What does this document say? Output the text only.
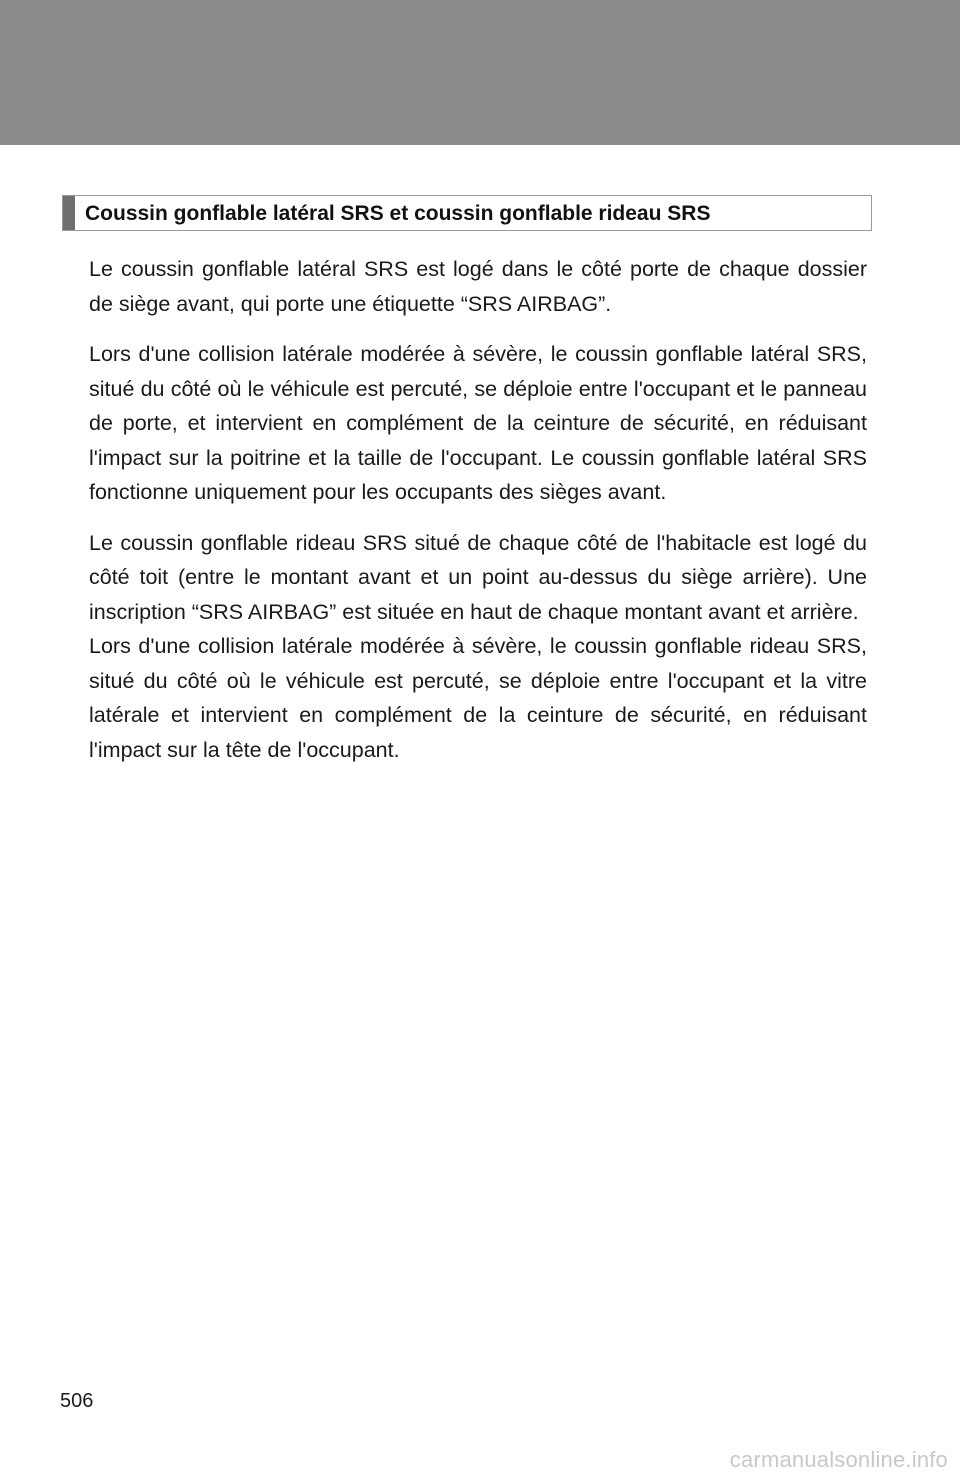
Coussin gonflable latéral SRS et coussin gonflable rideau SRS

Le coussin gonflable latéral SRS est logé dans le côté porte de chaque dossier de siège avant, qui porte une étiquette “SRS AIRBAG”.

Lors d'une collision latérale modérée à sévère, le coussin gonflable latéral SRS, situé du côté où le véhicule est percuté, se déploie entre l'occupant et le panneau de porte, et intervient en complément de la ceinture de sécurité, en réduisant l'impact sur la poitrine et la taille de l'occupant. Le coussin gonflable latéral SRS fonctionne uniquement pour les occupants des sièges avant.

Le coussin gonflable rideau SRS situé de chaque côté de l'habitacle est logé du côté toit (entre le montant avant et un point au-dessus du siège arrière). Une inscription “SRS AIRBAG” est située en haut de chaque montant avant et arrière.

Lors d'une collision latérale modérée à sévère, le coussin gonflable rideau SRS, situé du côté où le véhicule est percuté, se déploie entre l'occupant et la vitre latérale et intervient en complément de la ceinture de sécurité, en réduisant l'impact sur la tête de l'occupant.

506
carmanualsonline.info
